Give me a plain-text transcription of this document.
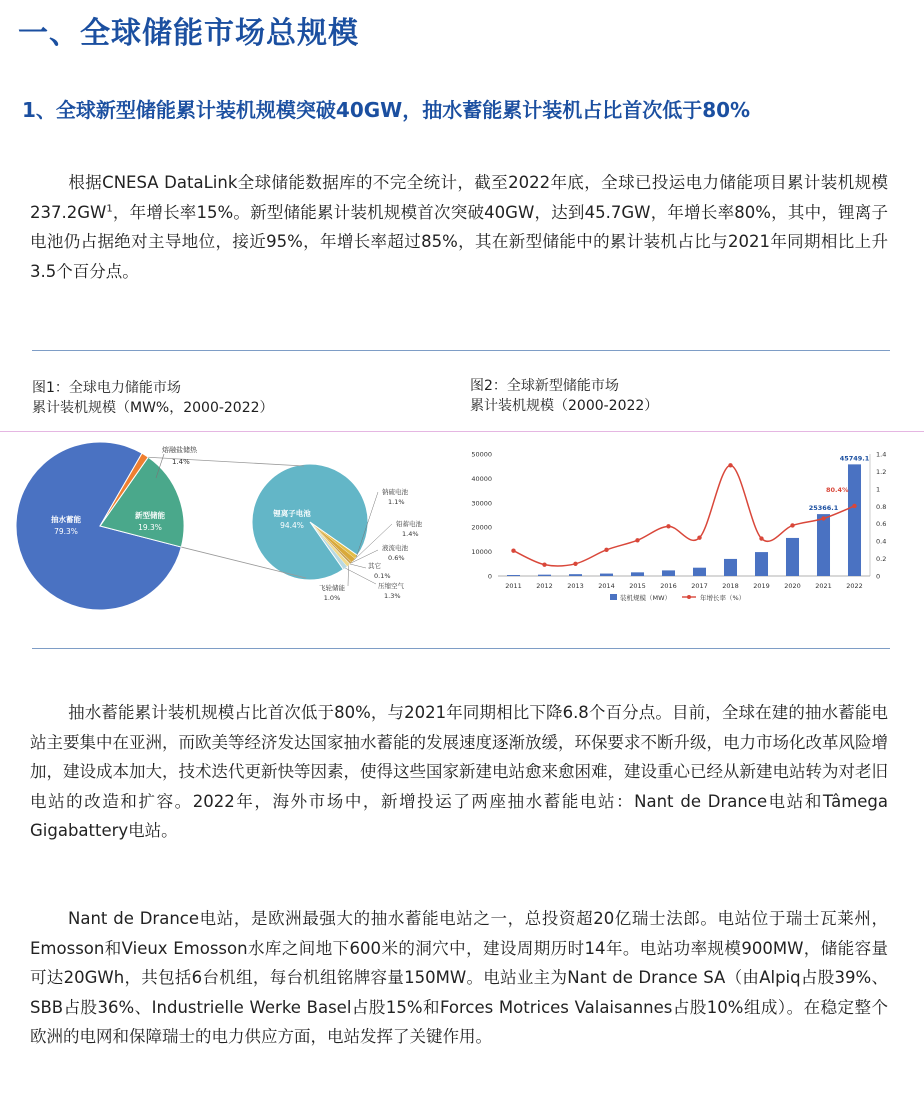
一、全球储能市场总规模
1、全球新型储能累计装机规模突破40GW，抽水蓄能累计装机占比首次低于80%

根据CNESA DataLink全球储能数据库的不完全统计，截至2022年底，全球已投运电力储能项目累计装机规模$237.2GW^1$，年增长率15%。新型储能累计装机规模首次突破40GW，达到45.7GW，年增长率80%，其中，锂离子电池仍占据绝对主导地位，接近95%，年增长率超过85%，其在新型储能中的累计装机占比与2021年同期相比上升3.5个百分点。

图1：全球电力储能市场
累计装机规模（MW%，2000-2022）
图2：全球新型储能市场
累计装机规模（2000-2022）
抽水蓄能
79.3%
新型储能
19.3%
熔融盐储热
1.4%
锂离子电池
94.4%
钠硫电池
1.1%
铅蓄电池
1.4%
液流电池
0.6%
其它
0.1%
压缩空气
1.3%
飞轮储能
1.0%
0
10000
20000
30000
40000
50000
0
0.2
0.4
0.6
0.8
1
1.2
1.4
2011 2012 2013 2014 2015 2016 2017 2018 2019 2020 2021 2022
25366.1
45749.1
80.4%
装机规模（MW）	年增长率（%）

抽水蓄能累计装机规模占比首次低于80%，与2021年同期相比下降6.8个百分点。目前，全球在建的抽水蓄能电站主要集中在亚洲，而欧美等经济发达国家抽水蓄能的发展速度逐渐放缓，环保要求不断升级，电力市场化改革风险增加，建设成本加大，技术迭代更新快等因素，使得这些国家新建电站愈来愈困难，建设重心已经从新建电站转为对老旧电站的改造和扩容。2022年，海外市场中，新增投运了两座抽水蓄能电站：Nant de Drance电站和Tâmega Gigabattery电站。

Nant de Drance电站，是欧洲最强大的抽水蓄能电站之一，总投资超20亿瑞士法郎。电站位于瑞士瓦莱州，Emosson和Vieux Emosson水库之间地下600米的洞穴中，建设周期历时14年。电站功率规模900MW，储能容量可达20GWh，共包括6台机组，每台机组铭牌容量150MW。电站业主为Nant de Drance SA（由Alpiq占股39%、SBB占股36%、Industrielle Werke Basel占股15%和Forces Motrices Valaisannes占股10%组成）。在稳定整个欧洲的电网和保障瑞士的电力供应方面，电站发挥了关键作用。
